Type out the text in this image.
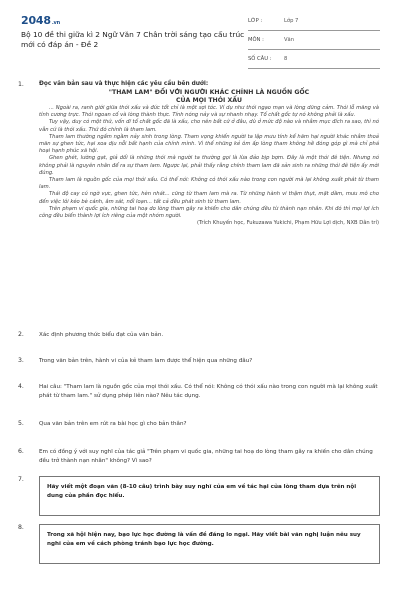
2048.vn
Bộ 10 đề thi giữa kì 2 Ngữ Văn 7 Chân trời sáng tạo cấu trúc mới có đáp án - Đề 2
LỚP :	Lớp 7
MÔN :	Văn
SỐ CÂU :	8
1.	Đọc văn bản sau và thực hiện các yêu cầu bên dưới:
"THAM LAM" ĐỐI VỚI NGƯỜI KHÁC CHÍNH LÀ NGUỒN GỐC
CỦA MỌI THÓI XẤU

... Ngoài ra, ranh giới giữa thói xấu và đức tốt chỉ là một sợi tóc. Ví dụ như thói ngạo mạn và lòng dũng cảm. Thói lỗ mãng và tính cương trực. Thói ngoan cố và lòng thành thực. Tính nóng nảy và sự nhanh nhạy. Tố chất gốc tự nó không phải là xấu.

Tuy vậy, duy có một thứ, vốn dĩ tố chất gốc đã là xấu, cho nên bất cứ ở đâu, dù ở mức độ nào và nhằm mục đích ra sao, thì nó vẫn cứ là thói xấu. Thứ đó chính là tham lam.

Tham lam thường ngấm ngầm nảy sinh trong lòng. Tham vọng khiến người ta lập mưu tính kế hãm hại người khác nhằm thoả mãn sự ghen tức, hại xoa dịu nỗi bất hạnh của chính mình. Vì thế những kẻ ôm ấp lòng tham không hề đóng góp gì mà chỉ phá hoại hạnh phúc xã hội.

Ghen ghét, lường gạt, giả dối là những thói mà người ta thường gọi là lừa đảo bịp bợm. Đây là một thói đê tiện. Nhưng nó không phải là nguyên nhân để ra sự tham lam. Ngược lại, phải thấy rằng chính tham lam đã sản sinh ra những thói đê tiện ấy mới đúng.

Tham lam là nguồn gốc của mọi thói xấu. Có thể nói: Không có thói xấu nào trong con người mà lại không xuất phát từ tham lam.

Thái độ cay cú ngờ vực, ghen tức, hèn nhát... cũng từ tham lam mà ra. Từ những hành vi thậm thụt, mặt dầm, mưu mô cho đến việc lôi kéo bè cánh, âm sát, nổi loạn... tất cả đều phát sinh từ tham lam.

Trên phạm vi quốc gia, những tai hoạ do lòng tham gây ra khiến cho dân chúng đều từ thành nạn nhân. Khi đó thì mọi lợi ích công đều biến thành lợi ích riêng của một nhóm người.

(Trích Khuyến học, Fukuzawa Yukichi, Phạm Hữu Lợi dịch, NXB Dân trí)
2.	Xác định phương thức biểu đạt của văn bản.
3.	Trong văn bản trên, hành vi của kẻ tham lam được thể hiện qua những đâu?
4.	Hai câu: "Tham lam là nguồn gốc của mọi thói xấu. Có thể nói: Không có thói xấu nào trong con người mà lại không xuất phát từ tham lam." sử dụng phép liên nào? Nêu tác dụng.
5.	Qua văn bản trên em rút ra bài học gì cho bản thân?
6.	Em có đồng ý với suy nghĩ của tác giả "Trên phạm vi quốc gia, những tai hoạ do lòng tham gây ra khiến cho dân chúng đều trở thành nạn nhân" không? Vì sao?
7.
Hãy viết một đoạn văn (8-10 câu) trình bày suy nghĩ của em về tác hại của lòng tham dựa trên nội dung của phần đọc hiểu.
8.
Trong xã hội hiện nay, bạo lực học đường là vấn đề đáng lo ngại. Hãy viết bài văn nghị luận nêu suy nghĩ của em về cách phòng tránh bạo lực học đường.
